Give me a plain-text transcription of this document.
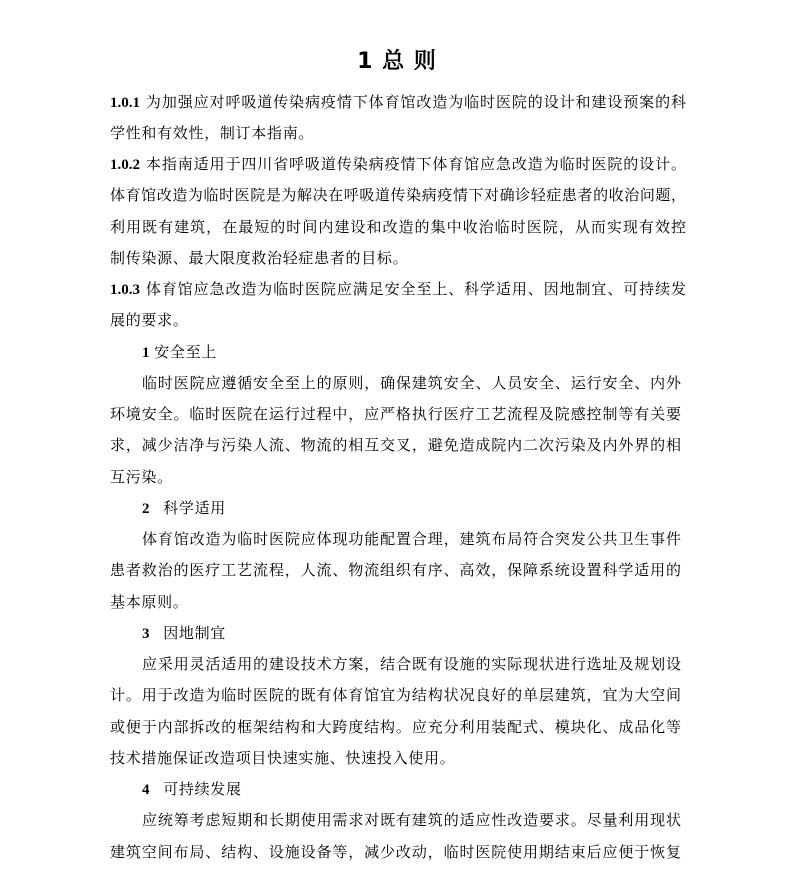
1 总 则
1.0.1 为加强应对呼吸道传染病疫情下体育馆改造为临时医院的设计和建设预案的科
学性和有效性，制订本指南。
1.0.2 本指南适用于四川省呼吸道传染病疫情下体育馆应急改造为临时医院的设计。
体育馆改造为临时医院是为解决在呼吸道传染病疫情下对确诊轻症患者的收治问题，
利用既有建筑，在最短的时间内建设和改造的集中收治临时医院，从而实现有效控
制传染源、最大限度救治轻症患者的目标。
1.0.3 体育馆应急改造为临时医院应满足安全至上、科学适用、因地制宜、可持续发
展的要求。
1 安全至上
临时医院应遵循安全至上的原则，确保建筑安全、人员安全、运行安全、内外
环境安全。临时医院在运行过程中，应严格执行医疗工艺流程及院感控制等有关要
求，减少洁净与污染人流、物流的相互交叉，避免造成院内二次污染及内外界的相
互污染。
2 科学适用
体育馆改造为临时医院应体现功能配置合理，建筑布局符合突发公共卫生事件
患者救治的医疗工艺流程，人流、物流组织有序、高效，保障系统设置科学适用的
基本原则。
3 因地制宜
应采用灵活适用的建设技术方案，结合既有设施的实际现状进行选址及规划设
计。用于改造为临时医院的既有体育馆宜为结构状况良好的单层建筑，宜为大空间
或便于内部拆改的框架结构和大跨度结构。应充分利用装配式、模块化、成品化等
技术措施保证改造项目快速实施、快速投入使用。
4 可持续发展
应统筹考虑短期和长期使用需求对既有建筑的适应性改造要求。尽量利用现状
建筑空间布局、结构、设施设备等，减少改动，临时医院使用期结束后应便于恢复
